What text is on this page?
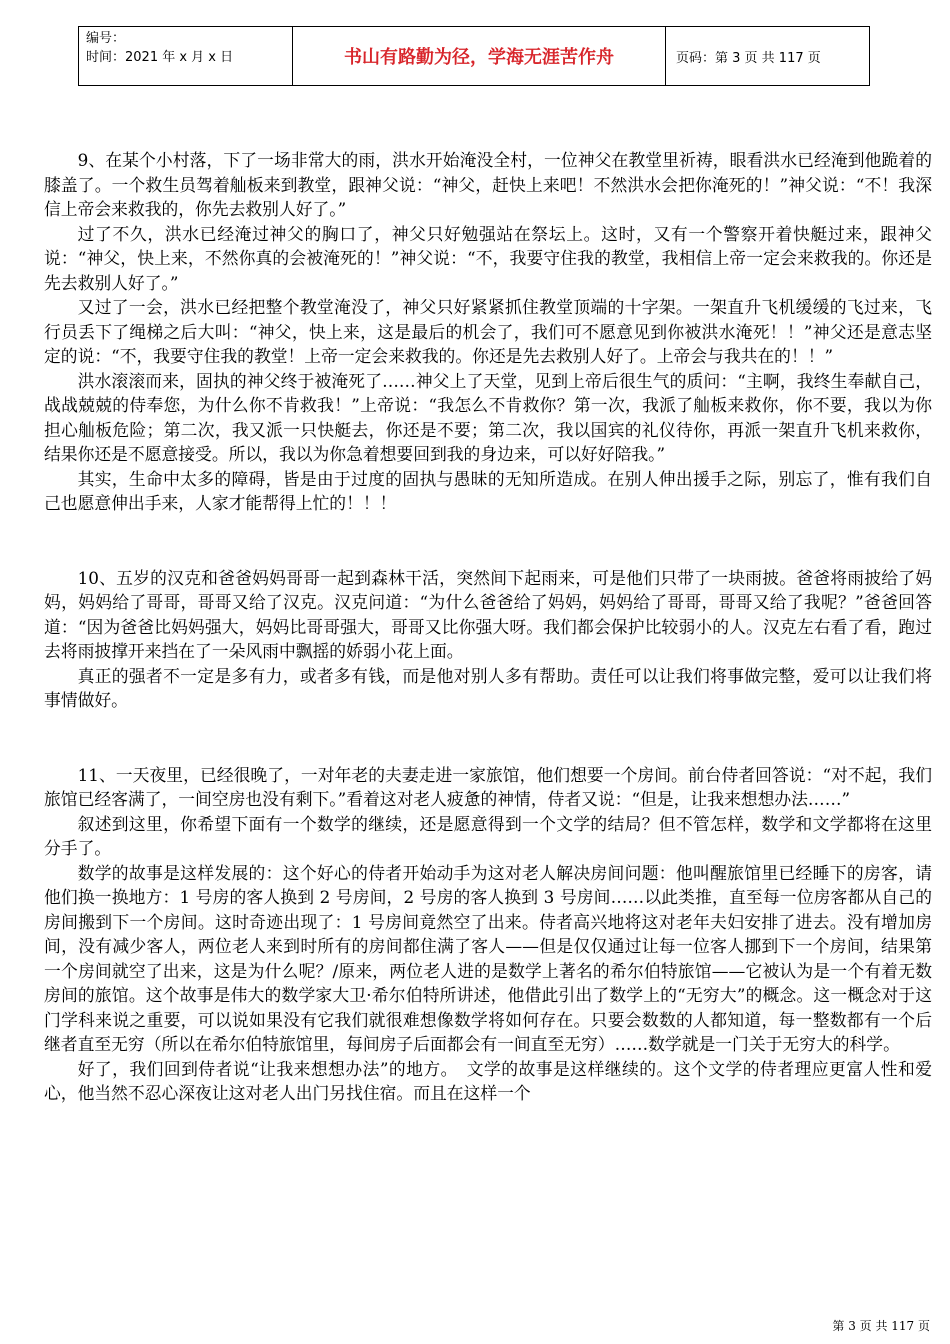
编号：
时间：2021 年 x 月 x 日	书山有路勤为径，学海无涯苦作舟	页码：第 3 页 共 117 页

9、在某个小村落，下了一场非常大的雨，洪水开始淹没全村，一位神父在教堂里祈祷，眼看洪水已经淹到他跪着的膝盖了。一个救生员驾着舢板来到教堂，跟神父说：“神父，赶快上来吧！不然洪水会把你淹死的！”神父说：“不！我深信上帝会来救我的，你先去救别人好了。”

过了不久，洪水已经淹过神父的胸口了，神父只好勉强站在祭坛上。这时，又有一个警察开着快艇过来，跟神父说：“神父，快上来，不然你真的会被淹死的！”神父说：“不，我要守住我的教堂，我相信上帝一定会来救我的。你还是先去救别人好了。”

又过了一会，洪水已经把整个教堂淹没了，神父只好紧紧抓住教堂顶端的十字架。一架直升飞机缓缓的飞过来，飞行员丢下了绳梯之后大叫：“神父，快上来，这是最后的机会了，我们可不愿意见到你被洪水淹死！！”神父还是意志坚定的说：“不，我要守住我的教堂！上帝一定会来救我的。你还是先去救别人好了。上帝会与我共在的！！”

洪水滚滚而来，固执的神父终于被淹死了……神父上了天堂，见到上帝后很生气的质问：“主啊，我终生奉献自己，战战兢兢的侍奉您，为什么你不肯救我！”上帝说：“我怎么不肯救你？第一次，我派了舢板来救你，你不要，我以为你担心舢板危险；第二次，我又派一只快艇去，你还是不要；第二次，我以国宾的礼仪待你，再派一架直升飞机来救你，结果你还是不愿意接受。所以，我以为你急着想要回到我的身边来，可以好好陪我。”

其实，生命中太多的障碍，皆是由于过度的固执与愚昧的无知所造成。在别人伸出援手之际，别忘了，惟有我们自己也愿意伸出手来，人家才能帮得上忙的！！！

10、五岁的汉克和爸爸妈妈哥哥一起到森林干活，突然间下起雨来，可是他们只带了一块雨披。爸爸将雨披给了妈妈，妈妈给了哥哥，哥哥又给了汉克。汉克问道：“为什么爸爸给了妈妈，妈妈给了哥哥，哥哥又给了我呢？”爸爸回答道：“因为爸爸比妈妈强大，妈妈比哥哥强大，哥哥又比你强大呀。我们都会保护比较弱小的人。汉克左右看了看，跑过去将雨披撑开来挡在了一朵风雨中飘摇的娇弱小花上面。

真正的强者不一定是多有力，或者多有钱，而是他对别人多有帮助。责任可以让我们将事做完整，爱可以让我们将事情做好。

11、一天夜里，已经很晚了，一对年老的夫妻走进一家旅馆，他们想要一个房间。前台侍者回答说：“对不起，我们旅馆已经客满了，一间空房也没有剩下。”看着这对老人疲惫的神情，侍者又说：“但是，让我来想想办法……”

叙述到这里，你希望下面有一个数学的继续，还是愿意得到一个文学的结局？但不管怎样，数学和文学都将在这里分手了。

数学的故事是这样发展的：这个好心的侍者开始动手为这对老人解决房间问题：他叫醒旅馆里已经睡下的房客，请他们换一换地方：1 号房的客人换到 2 号房间，2 号房的客人换到 3 号房间……以此类推，直至每一位房客都从自己的房间搬到下一个房间。这时奇迹出现了：1 号房间竟然空了出来。侍者高兴地将这对老年夫妇安排了进去。没有增加房间，没有减少客人，两位老人来到时所有的房间都住满了客人——但是仅仅通过让每一位客人挪到下一个房间，结果第一个房间就空了出来，这是为什么呢？/原来，两位老人进的是数学上著名的希尔伯特旅馆——它被认为是一个有着无数房间的旅馆。这个故事是伟大的数学家大卫·希尔伯特所讲述，他借此引出了数学上的“无穷大”的概念。这一概念对于这门学科来说之重要，可以说如果没有它我们就很难想像数学将如何存在。只要会数数的人都知道，每一整数都有一个后继者直至无穷（所以在希尔伯特旅馆里，每间房子后面都会有一间直至无穷）……数学就是一门关于无穷大的科学。

好了，我们回到侍者说“让我来想想办法”的地方。　文学的故事是这样继续的。这个文学的侍者理应更富人性和爱心，他当然不忍心深夜让这对老人出门另找住宿。而且在这样一个

第 3 页 共 117 页
